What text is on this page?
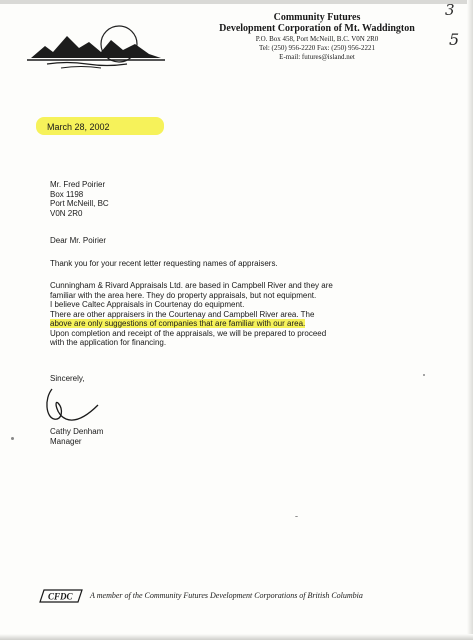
Community Futures
Development Corporation of Mt. Waddington
P.O. Box 458, Port McNeill, B.C. V0N 2R0
Tel: (250) 956-2220 Fax: (250) 956-2221
E-mail: futures@island.net
3
5
March 28, 2002
Mr. Fred Poirier
Box 1198
Port McNeill, BC
V0N 2R0
Dear Mr. Poirier
Thank you for your recent letter requesting names of appraisers.
Cunningham & Rivard Appraisals Ltd. are based in Campbell River and they are
familiar with the area here. They do property appraisals, but not equipment.
I believe Caltec Appraisals in Courtenay do equipment.
There are other appraisers in the Courtenay and Campbell River area. The
above are only suggestions of companies that are familiar with our area.
Upon completion and receipt of the appraisals, we will be prepared to proceed
with the application for financing.
Sincerely,
Cathy Denham
Manager
CFDC A member of the Community Futures Development Corporations of British Columbia
